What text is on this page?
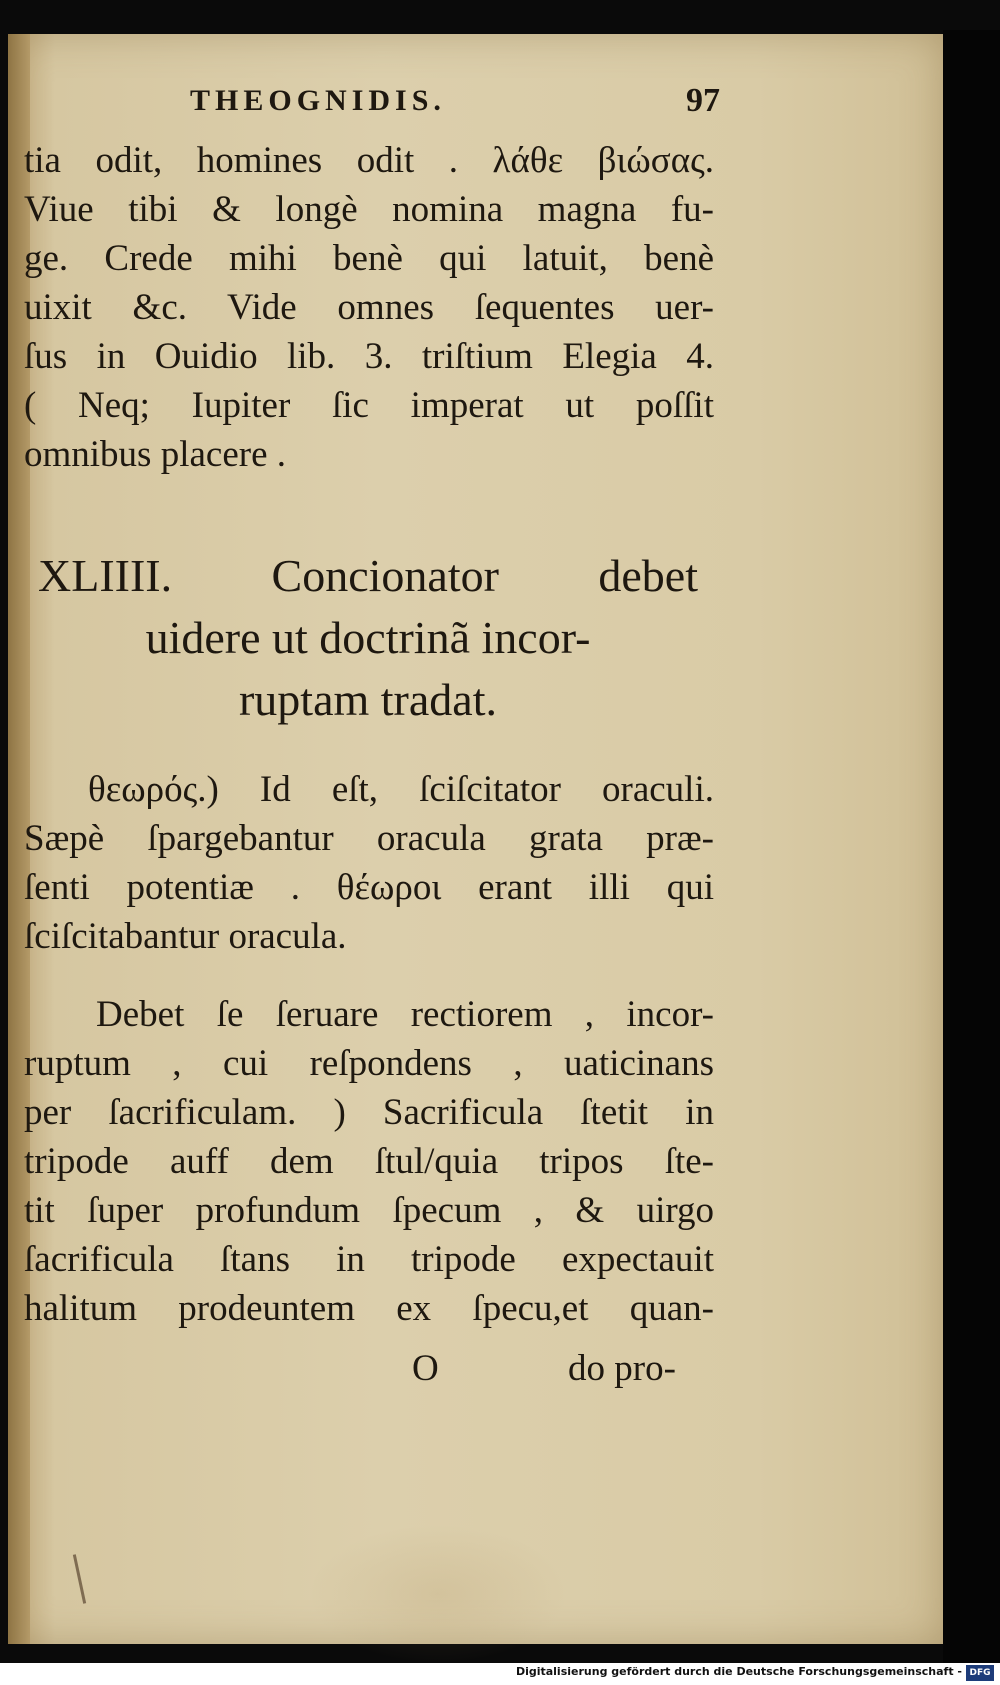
THEOGNIDIS.	97
tia odit, homines odit . λάθε βιώσας.
Viue tibi & longè nomina magna fu-
ge. Crede mihi benè qui latuit, benè
uixit &c. Vide omnes ſequentes uer-
ſus in Ouidio lib. 3. triſtium Elegia 4.
( Neq; Iupiter ſic imperat ut poſſit
omnibus placere .
XLIIII. Concionator debet
uidere ut doctrinã incor-
ruptam tradat.
θεωρός.) Id eſt, ſciſcitator oraculi.
Sæpè ſpargebantur oracula grata præ-
ſenti potentiæ . θέωροι erant illi qui
ſciſcitabantur oracula.
Debet ſe ſeruare rectiorem , incor-
ruptum , cui reſpondens , uaticinans
per ſacrificulam. ) Sacrificula ſtetit in
tripode auff dem ſtul/quia tripos ſte-
tit ſuper profundum ſpecum , & uirgo
ſacrificula ſtans in tripode expectauit
halitum prodeuntem ex ſpecu,et quan-
O	do pro-
Digitalisierung gefördert durch die Deutsche Forschungsgemeinschaft - DFG
